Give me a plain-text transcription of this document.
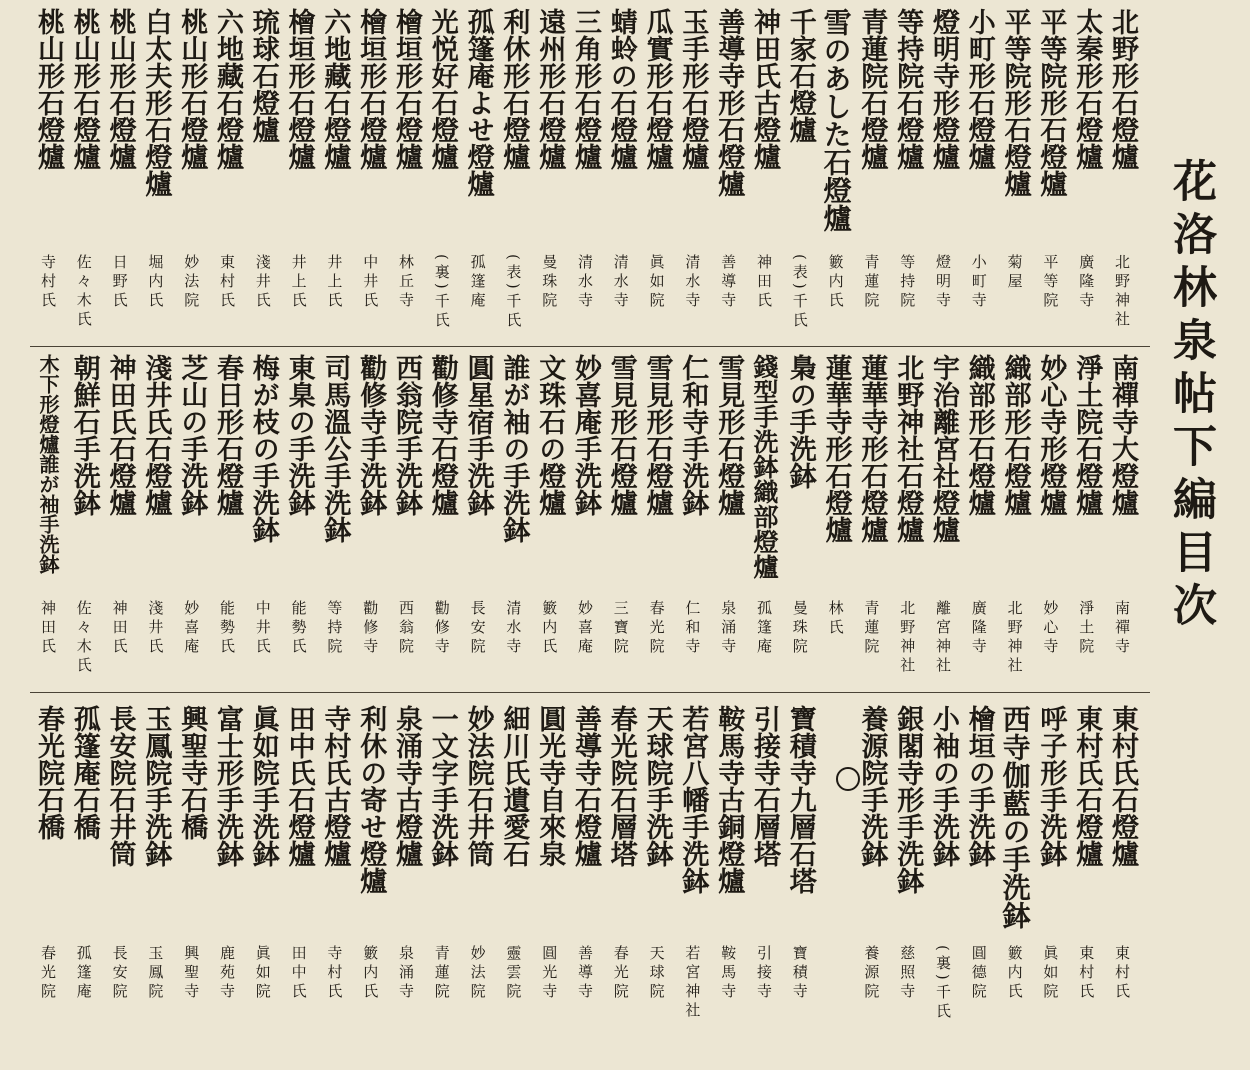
花洛林泉帖下編目次
北野形石燈爐
北野神社
太秦形石燈爐
廣隆寺
平等院形石燈爐
平等院
平等院形石燈爐
菊屋
小町形石燈爐
小町寺
燈明寺形燈爐
燈明寺
等持院石燈爐
等持院
青蓮院石燈爐
青蓮院
雪のあした石燈爐
籔内氏
千家石燈爐
(表)千氏
神田氏古燈爐
神田氏
善導寺形石燈爐
善導寺
玉手形石燈爐
清水寺
瓜實形石燈爐
眞如院
蜻蛉の石燈爐
清水寺
三角形石燈爐
清水寺
遠州形石燈爐
曼珠院
利休形石燈爐
(表)千氏
孤篷庵よせ燈爐
孤篷庵
光悦好石燈爐
(裏)千氏
檜垣形石燈爐
林丘寺
檜垣形石燈爐
中井氏
六地藏石燈爐
井上氏
檜垣形石燈爐
井上氏
琉球石燈爐
淺井氏
六地藏石燈爐
東村氏
桃山形石燈爐
妙法院
白太夫形石燈爐
堀内氏
桃山形石燈爐
日野氏
桃山形石燈爐
佐々木氏
桃山形石燈爐
寺村氏
南禪寺大燈爐
南禪寺
淨土院石燈爐
淨土院
妙心寺形燈爐
妙心寺
織部形石燈爐
北野神社
織部形石燈爐
廣隆寺
宇治離宮社燈爐
離宮神社
北野神社石燈爐
北野神社
蓮華寺形石燈爐
青蓮院
蓮華寺形石燈爐
林氏
梟の手洗鉢
曼珠院
錢型手洗鉢織部燈爐
孤篷庵
雪見形石燈爐
泉涌寺
仁和寺手洗鉢
仁和寺
雪見形石燈爐
春光院
雪見形石燈爐
三寶院
妙喜庵手洗鉢
妙喜庵
文珠石の燈爐
籔内氏
誰が袖の手洗鉢
清水寺
圓星宿手洗鉢
長安院
勸修寺石燈爐
勸修寺
西翁院手洗鉢
西翁院
勸修寺手洗鉢
勸修寺
司馬溫公手洗鉢
等持院
東臬の手洗鉢
能勢氏
梅が枝の手洗鉢
中井氏
春日形石燈爐
能勢氏
芝山の手洗鉢
妙喜庵
淺井氏石燈爐
淺井氏
神田氏石燈爐
神田氏
朝鮮石手洗鉢
佐々木氏
木下形燈爐誰が袖手洗鉢
神田氏
東村氏石燈爐
東村氏
東村氏石燈爐
東村氏
呼子形手洗鉢
眞如院
西寺伽藍の手洗鉢
籔内氏
檜垣の手洗鉢
圓德院
小袖の手洗鉢
(裏)千氏
銀閣寺形手洗鉢
慈照寺
養源院手洗鉢
養源院
寶積寺九層石塔
寶積寺
引接寺石層塔
引接寺
鞍馬寺古銅燈爐
鞍馬寺
若宮八幡手洗鉢
若宮神社
天球院手洗鉢
天球院
春光院石層塔
春光院
善導寺石燈爐
善導寺
圓光寺自來泉
圓光寺
細川氏遺愛石
靈雲院
妙法院石井筒
妙法院
一文字手洗鉢
青蓮院
泉涌寺古燈爐
泉涌寺
利休の寄せ燈爐
籔内氏
寺村氏古燈爐
寺村氏
田中氏石燈爐
田中氏
眞如院手洗鉢
眞如院
富士形手洗鉢
鹿苑寺
興聖寺石橋
興聖寺
玉鳳院手洗鉢
玉鳳院
長安院石井筒
長安院
孤篷庵石橋
孤篷庵
春光院石橋
春光院
